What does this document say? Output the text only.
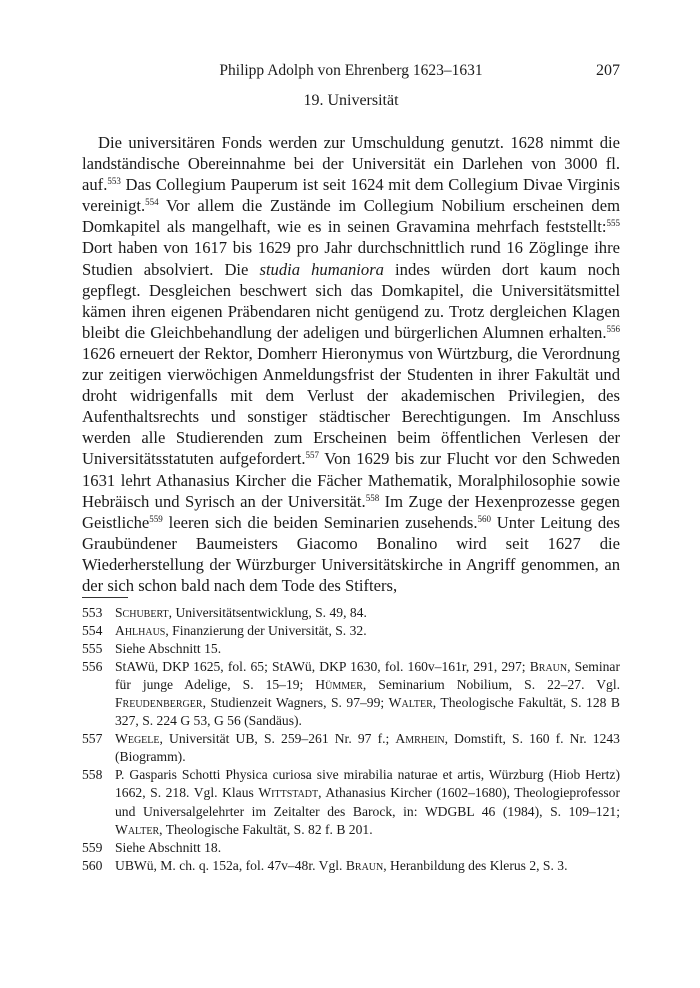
Philipp Adolph von Ehrenberg 1623–1631	207
19. Universität

Die universitären Fonds werden zur Umschuldung genutzt. 1628 nimmt die landständische Obereinnahme bei der Universität ein Darlehen von 3000 fl. auf.$^{553}$ Das Collegium Pauperum ist seit 1624 mit dem Collegium Divae Virginis vereinigt.$^{554}$ Vor allem die Zustände im Collegium Nobilium erscheinen dem Domkapitel als mangelhaft, wie es in seinen Gravamina mehrfach feststellt:$^{555}$ Dort haben von 1617 bis 1629 pro Jahr durchschnittlich rund 16 Zöglinge ihre Studien absolviert. Die studia humaniora indes würden dort kaum noch gepflegt. Desgleichen beschwert sich das Domkapitel, die Universitätsmittel kämen ihren eigenen Präbendaren nicht genügend zu. Trotz dergleichen Klagen bleibt die Gleichbehandlung der adeligen und bürgerlichen Alumnen erhalten.$^{556}$ 1626 erneuert der Rektor, Domherr Hieronymus von Würtzburg, die Verordnung zur zeitigen vierwöchigen Anmeldungsfrist der Studenten in ihrer Fakultät und droht widrigenfalls mit dem Verlust der akademischen Privilegien, des Aufenthaltsrechts und sonstiger städtischer Berechtigungen. Im Anschluss werden alle Studierenden zum Erscheinen beim öffentlichen Verlesen der Universitätsstatuten aufgefordert.$^{557}$ Von 1629 bis zur Flucht vor den Schweden 1631 lehrt Athanasius Kircher die Fächer Mathematik, Moralphilosophie sowie Hebräisch und Syrisch an der Universität.$^{558}$ Im Zuge der Hexenprozesse gegen Geistliche$^{559}$ leeren sich die beiden Seminarien zusehends.$^{560}$ Unter Leitung des Graubündener Baumeisters Giacomo Bonalino wird seit 1627 die Wiederherstellung der Würzburger Universitätskirche in Angriff genommen, an der sich schon bald nach dem Tode des Stifters,

553 Schubert, Universitätsentwicklung, S. 49, 84.
554 Ahlhaus, Finanzierung der Universität, S. 32.
555 Siehe Abschnitt 15.
556 StAWü, DKP 1625, fol. 65; StAWü, DKP 1630, fol. 160v–161r, 291, 297; Braun, Seminar für junge Adelige, S. 15–19; Hümmer, Seminarium Nobilium, S. 22–27. Vgl. Freudenberger, Studienzeit Wagners, S. 97–99; Walter, Theologische Fakultät, S. 128 B 327, S. 224 G 53, G 56 (Sandäus).
557 Wegele, Universität UB, S. 259–261 Nr. 97 f.; Amrhein, Domstift, S. 160 f. Nr. 1243 (Biogramm).
558 P. Gasparis Schotti Physica curiosa sive mirabilia naturae et artis, Würzburg (Hiob Hertz) 1662, S. 218. Vgl. Klaus Wittstadt, Athanasius Kircher (1602–1680), Theologieprofessor und Universalgelehrter im Zeitalter des Barock, in: WDGBL 46 (1984), S. 109–121; Walter, Theologische Fakultät, S. 82 f. B 201.
559 Siehe Abschnitt 18.
560 UBWü, M. ch. q. 152a, fol. 47v–48r. Vgl. Braun, Heranbildung des Klerus 2, S. 3.
